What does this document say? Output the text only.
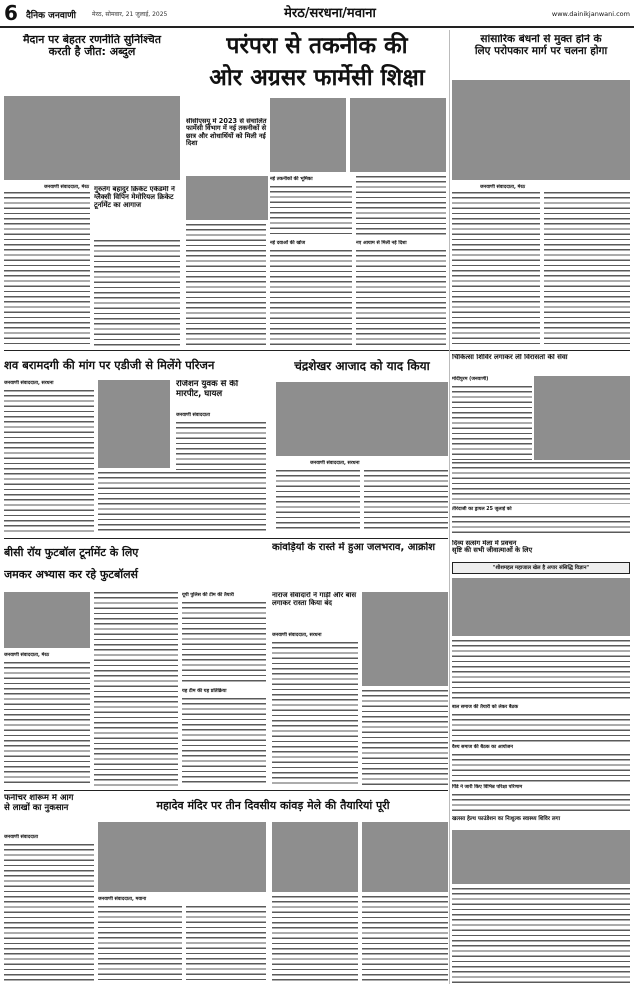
6 दैनिक जनवाणी	मेरठ, सोमवार, 21 जुलाई, 2025	मेरठ/सरधना/मवाना	www.dainikjanwani.com
मैदान पर बेहतर रणनीति सुनिश्चित
करती है जीत: अब्दुल
जनवाणी संवाददाता, मेरठ गुरुतेग बहादुर क्रिकेट एकेडमी ने ग्लैक्सी विपिन मेमोरियल क्रिकेट टूर्नामेंट का आगाज
परंपरा से तकनीक की
ओर अग्रसर फार्मेसी शिक्षा
सीसीएसयू में 2023 से संचालित फार्मेसी विभाग में नई तकनीकों से छात्र और शोधार्थियों को मिली नई दिशा
नई तकनीकों की भूमिका
नई दवाओं की खोज	नए आयाम से मिली नई दिशा
सांसारिक बंधनों से मुक्त होने के
लिए परोपकार मार्ग पर चलना होगा
जनवाणी संवाददाता, मेरठ
शव बरामदगी की मांग पर एडीजी से मिलेंगे परिजन
जनवाणी संवाददाता, सरधना	रंजिशन युवक से की मारपीट, घायल
जनवाणी संवाददाता
चंद्रशेखर आजाद को याद किया
जनवाणी संवाददाता, सरधना
चिकित्सा शिविर लगाकर ली विरासतों की सेवा
मोदीपुरम (जनवाणी)
तीरंदाजी का ड्रायल 25 जुलाई को
बीसी रॉय फुटबॉल टूर्नामेंट के लिए
जमकर अभ्यास कर रहे फुटबॉलर्स
जनवाणी संवाददाता, मेरठ
यूपी पुलिस की टीम की तैयारी
यह टीम की यह प्रतिक्रिया
कांवड़ियों के रास्ते में हुआ जलभराव, आक्रोश
नाराज सेवादारों ने गाड़ी और बांस लगाकर रास्ता किया बंद
जनवाणी संवाददाता, सरधना
दिव्य सत्संग मेला में प्रवचन
सृष्टि की सभी जीवात्माओं के लिए
"शीशमहल महाजाल खेल है अपार संसिद्धि विज्ञान"
बाल समाज की तैयारी को लेकर बैठक
वैश्य समाज की बैठक का आयोजन
पिंडे ने जारी किए विभिन्न परिक्षा परिणाम
खलसा हेल्थ फाउंडेशन का निःशुल्क स्वास्थ्य शिविर लगा
फर्नीचर शोरूम में आग
से लाखों का नुकसान
जनवाणी संवाददाता
महादेव मंदिर पर तीन दिवसीय कांवड़ मेले की तैयारियां पूरी
जनवाणी संवाददाता, मवाना
